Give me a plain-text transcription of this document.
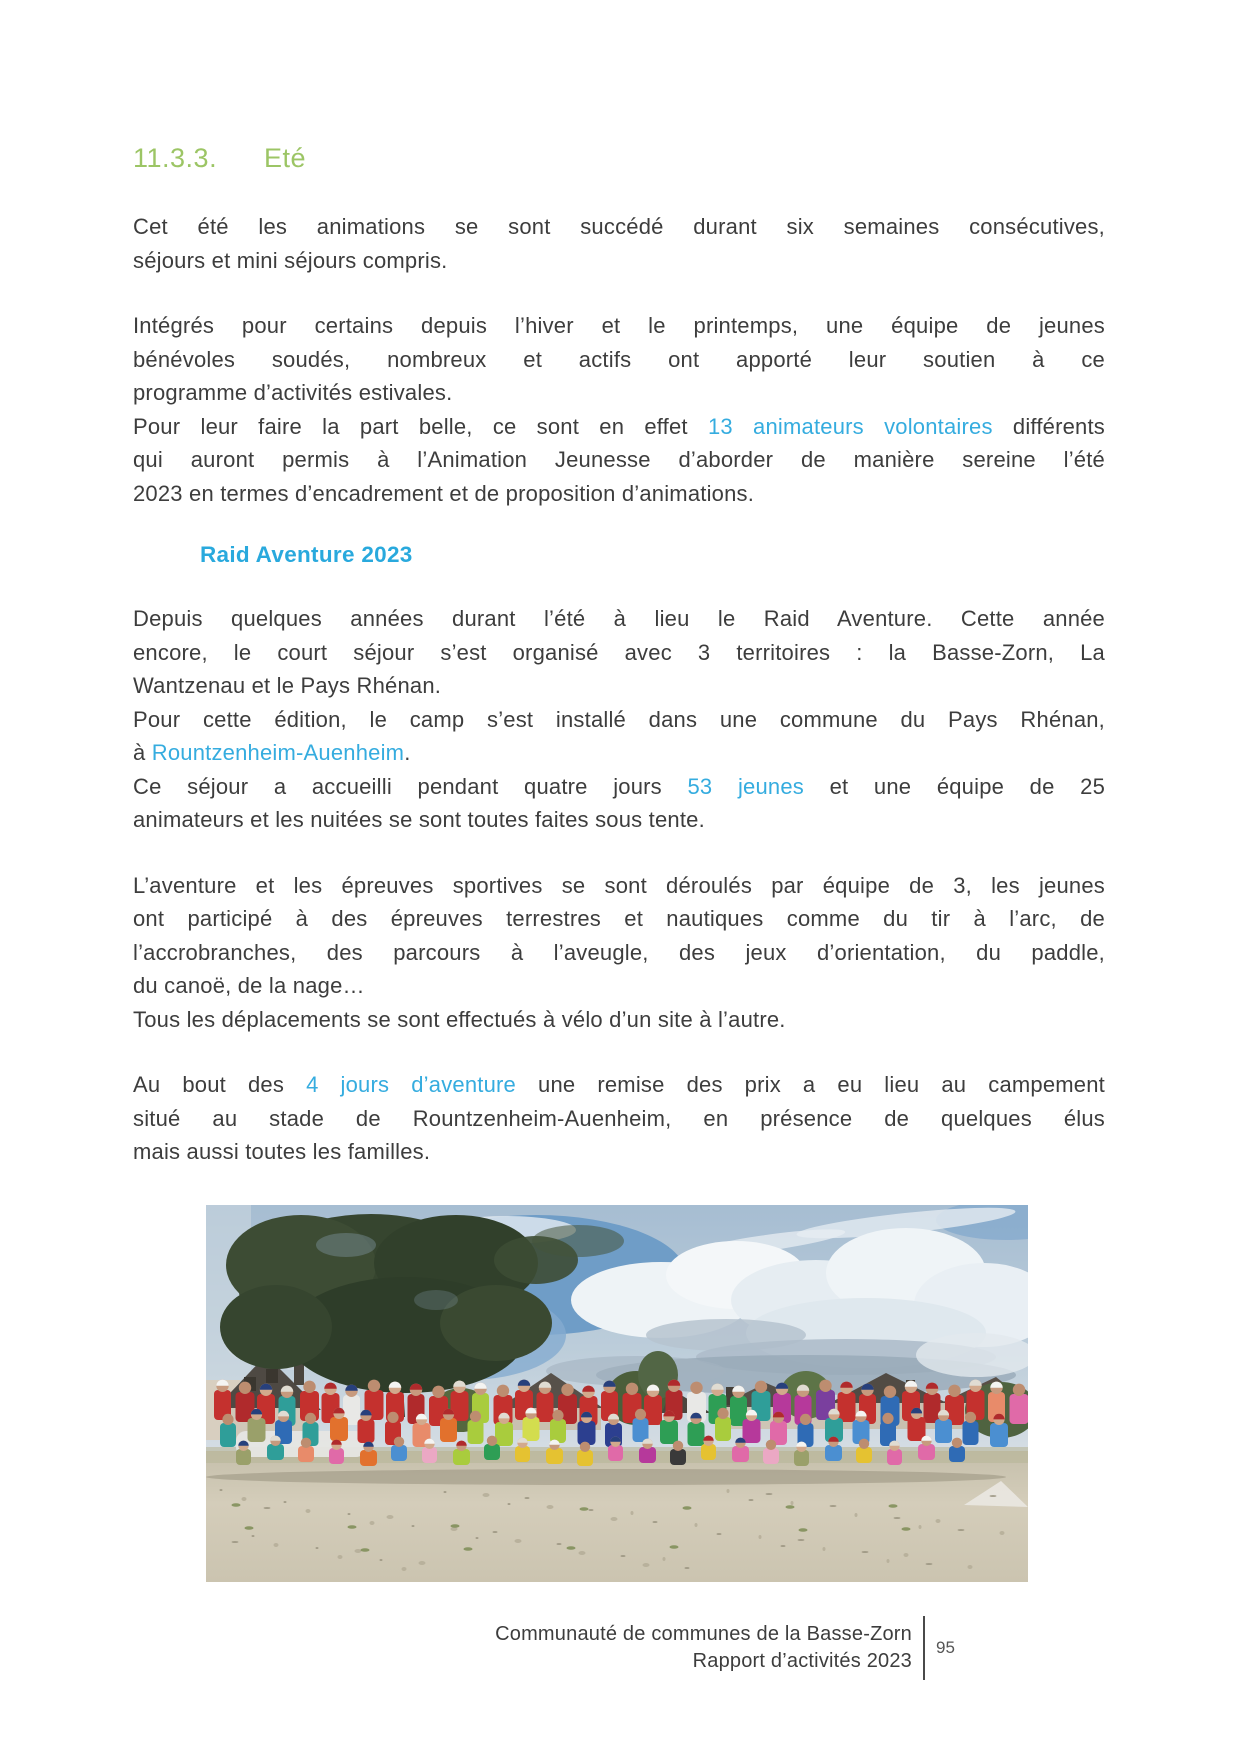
11.3.3. Eté
Cet été les animations se sont succédé durant six semaines consécutives,
séjours et mini séjours compris.
Intégrés pour certains depuis l’hiver et le printemps, une équipe de jeunes
bénévoles soudés, nombreux et actifs ont apporté leur soutien à ce
programme d’activités estivales.
Pour leur faire la part belle, ce sont en effet 13 animateurs volontaires différents
qui auront permis à l’Animation Jeunesse d’aborder de manière sereine l’été
2023 en termes d’encadrement et de proposition d’animations.
Raid Aventure 2023
Depuis quelques années durant l’été à lieu le Raid Aventure. Cette année
encore, le court séjour s’est organisé avec 3 territoires : la Basse-Zorn, La
Wantzenau et le Pays Rhénan.
Pour cette édition, le camp s’est installé dans une commune du Pays Rhénan,
à Rountzenheim-Auenheim.
Ce séjour a accueilli pendant quatre jours 53 jeunes et une équipe de 25
animateurs et les nuitées se sont toutes faites sous tente.
L’aventure et les épreuves sportives se sont déroulés par équipe de 3, les jeunes
ont participé à des épreuves terrestres et nautiques comme du tir à l’arc, de
l’accrobranches, des parcours à l’aveugle, des jeux d’orientation, du paddle,
du canoë, de la nage…
Tous les déplacements se sont effectués à vélo d’un site à l’autre.
Au bout des 4 jours d’aventure une remise des prix a eu lieu au campement
situé au stade de Rountzenheim-Auenheim, en présence de quelques élus
mais aussi toutes les familles.
Communauté de communes de la Basse-Zorn
Rapport d’activités 2023
95
